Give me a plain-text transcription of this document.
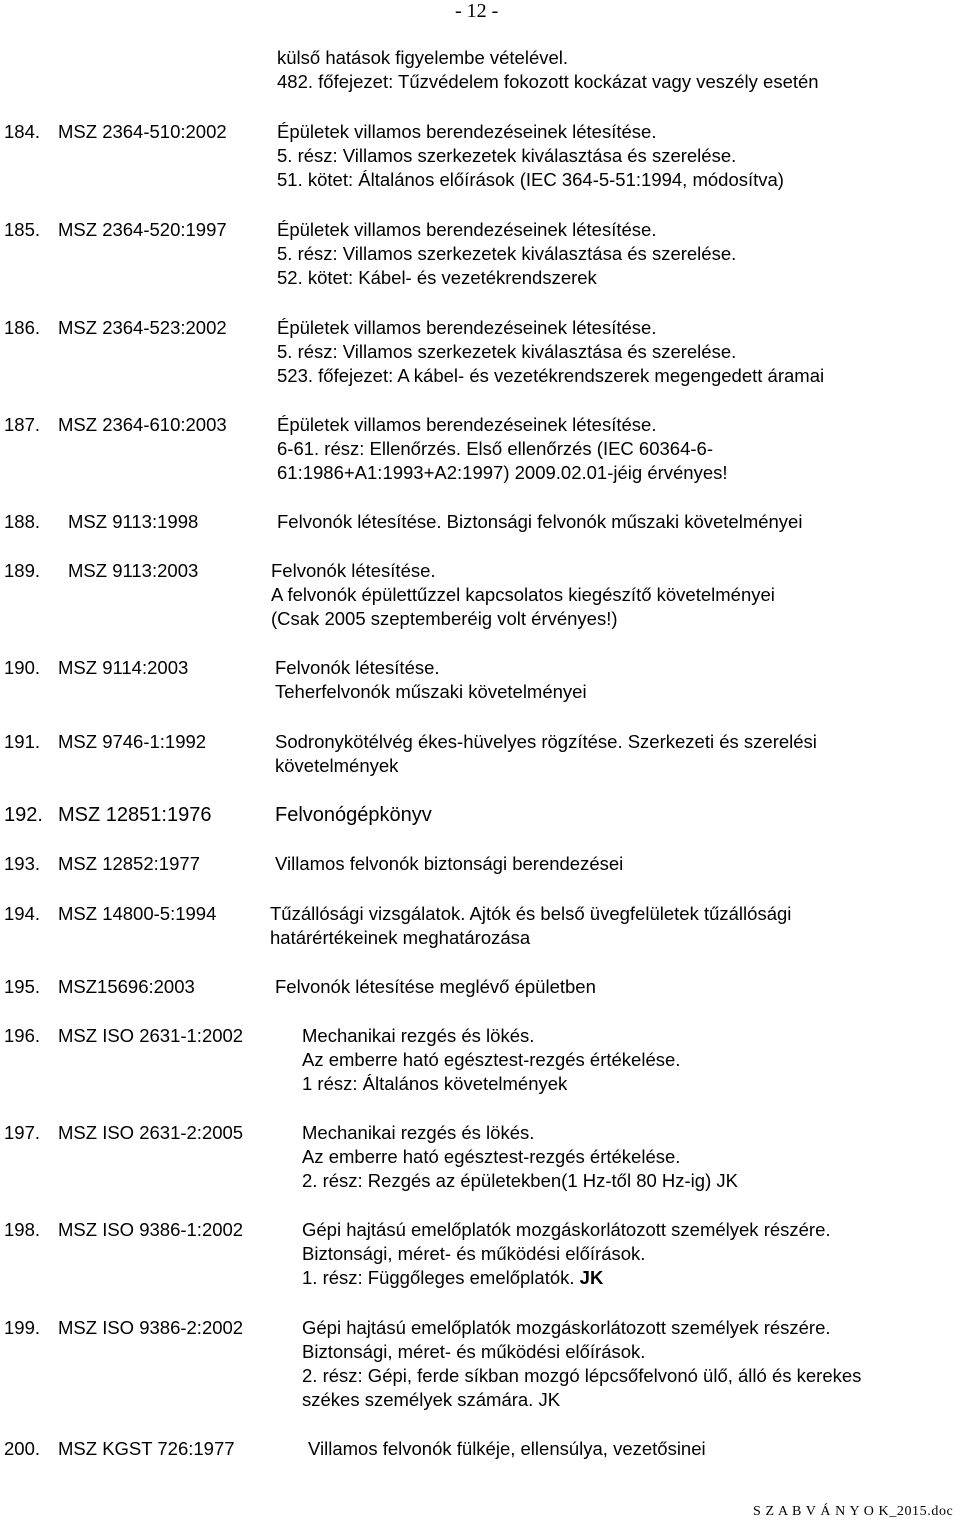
- 12 -
külső hatások figyelembe vételével.
482. főfejezet: Tűzvédelem fokozott kockázat vagy veszély esetén
184. MSZ 2364-510:2002	Épületek villamos berendezéseinek létesítése.
5. rész: Villamos szerkezetek kiválasztása és szerelése.
51. kötet: Általános előírások (IEC 364-5-51:1994, módosítva)
185. MSZ 2364-520:1997	Épületek villamos berendezéseinek létesítése.
5. rész: Villamos szerkezetek kiválasztása és szerelése.
52. kötet: Kábel- és vezetékrendszerek
186. MSZ 2364-523:2002	Épületek villamos berendezéseinek létesítése.
5. rész: Villamos szerkezetek kiválasztása és szerelése.
523. főfejezet: A kábel- és vezetékrendszerek megengedett áramai
187. MSZ 2364-610:2003	Épületek villamos berendezéseinek létesítése.
6-61. rész: Ellenőrzés. Első ellenőrzés (IEC 60364-6-
61:1986+A1:1993+A2:1997) 2009.02.01-jéig érvényes!
188. MSZ 9113:1998	Felvonók létesítése. Biztonsági felvonók műszaki követelményei
189. MSZ 9113:2003	Felvonók létesítése.
A felvonók épülettűzzel kapcsolatos kiegészítő követelményei
(Csak 2005 szeptemberéig volt érvényes!)
190. MSZ 9114:2003	Felvonók létesítése.
Teherfelvonók műszaki követelményei
191. MSZ 9746-1:1992	Sodronykötélvég ékes-hüvelyes rögzítése. Szerkezeti és szerelési
követelmények
192. MSZ 12851:1976	Felvonógépkönyv
193. MSZ 12852:1977	Villamos felvonók biztonsági berendezései
194. MSZ 14800-5:1994	Tűzállósági vizsgálatok. Ajtók és belső üvegfelületek tűzállósági
határértékeinek meghatározása
195. MSZ15696:2003	Felvonók létesítése meglévő épületben
196. MSZ ISO 2631-1:2002	Mechanikai rezgés és lökés.
Az emberre ható egésztest-rezgés értékelése.
1 rész: Általános követelmények
197. MSZ ISO 2631-2:2005	Mechanikai rezgés és lökés.
Az emberre ható egésztest-rezgés értékelése.
2. rész: Rezgés az épületekben(1 Hz-től 80 Hz-ig) JK
198. MSZ ISO 9386-1:2002	Gépi hajtású emelőplatók mozgáskorlátozott személyek részére.
Biztonsági, méret- és működési előírások.
1. rész: Függőleges emelőplatók. JK
199. MSZ ISO 9386-2:2002	Gépi hajtású emelőplatók mozgáskorlátozott személyek részére.
Biztonsági, méret- és működési előírások.
2. rész: Gépi, ferde síkban mozgó lépcsőfelvonó ülő, álló és kerekes
székes személyek számára. JK
200. MSZ KGST 726:1977	Villamos felvonók fülkéje, ellensúlya, vezetősinei
S Z A B V Á N Y O K_2015.doc
